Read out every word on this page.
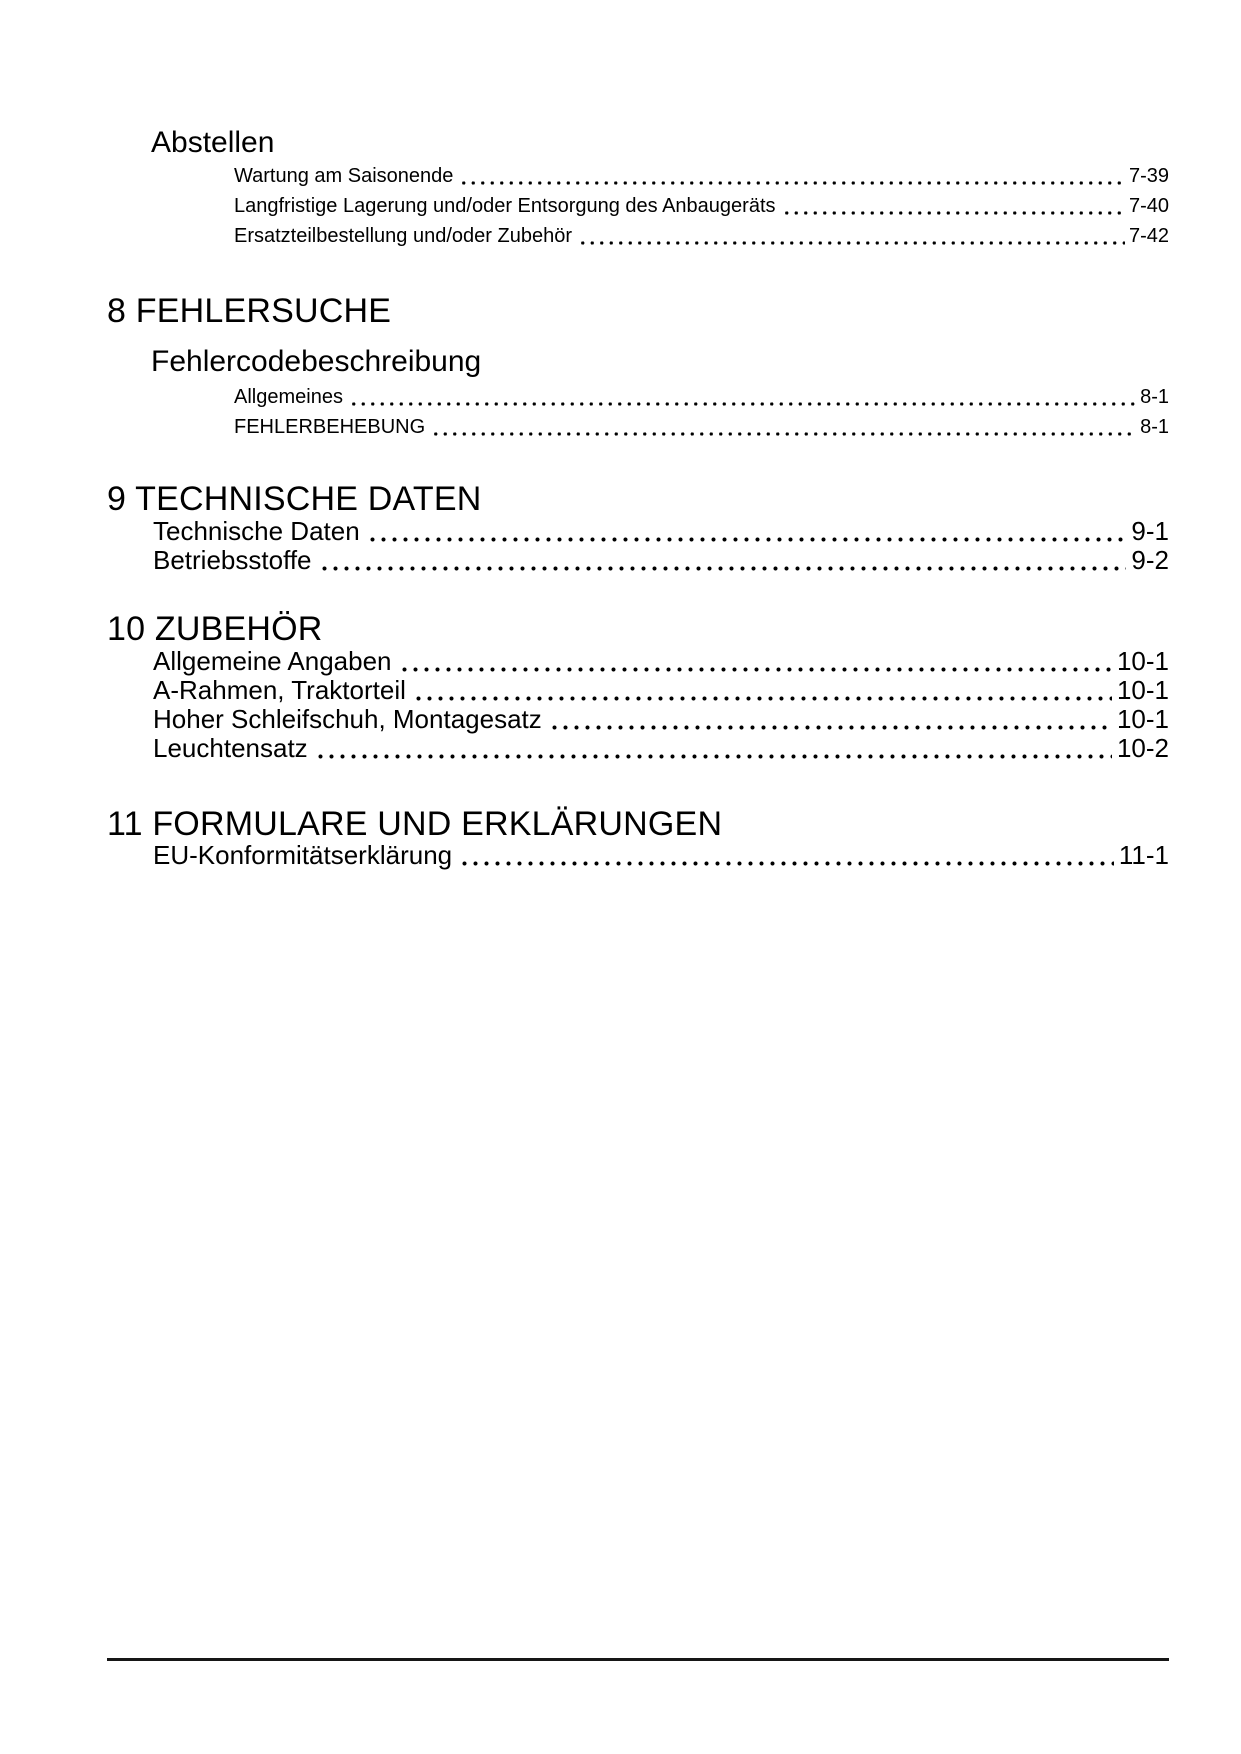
Abstellen
Wartung am Saisonende	7-39
Langfristige Lagerung und/oder Entsorgung des Anbaugeräts	7-40
Ersatzteilbestellung und/oder Zubehör	7-42
8 FEHLERSUCHE
Fehlercodebeschreibung
Allgemeines	8-1
FEHLERBEHEBUNG	8-1
9 TECHNISCHE DATEN
Technische Daten	9-1
Betriebsstoffe	9-2
10 ZUBEHÖR
Allgemeine Angaben	10-1
A-Rahmen, Traktorteil	10-1
Hoher Schleifschuh, Montagesatz	10-1
Leuchtensatz	10-2
11 FORMULARE UND ERKLÄRUNGEN
EU-Konformitätserklärung	11-1
